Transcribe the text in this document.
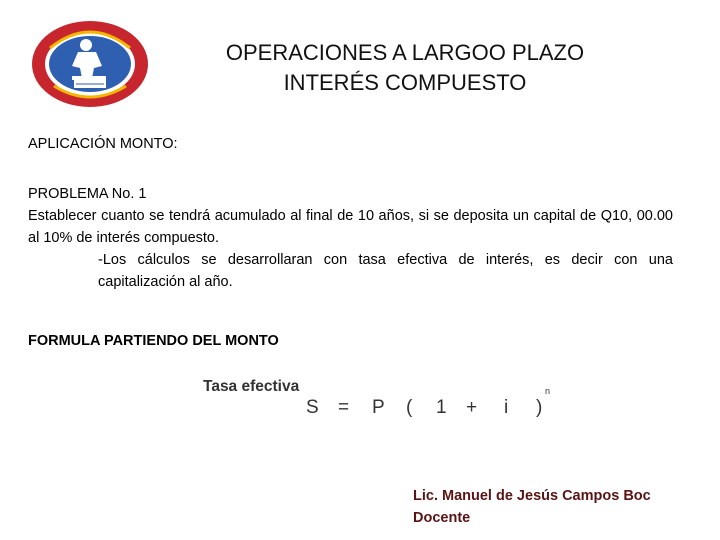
OPERACIONES A LARGOO PLAZO
INTERÉS COMPUESTO
APLICACIÓN MONTO:

PROBLEMA No. 1

Establecer cuanto se tendrá acumulado al final de 10 años, si se deposita un capital de Q10, 00.00 al 10% de interés compuesto.

-Los cálculos se desarrollaran con tasa efectiva de interés, es decir con una capitalización al año.

FORMULA PARTIENDO DEL MONTO
Tasa efectiva	n
S = P ( 1 + i )
Lic. Manuel de Jesús Campos Boc
Docente
